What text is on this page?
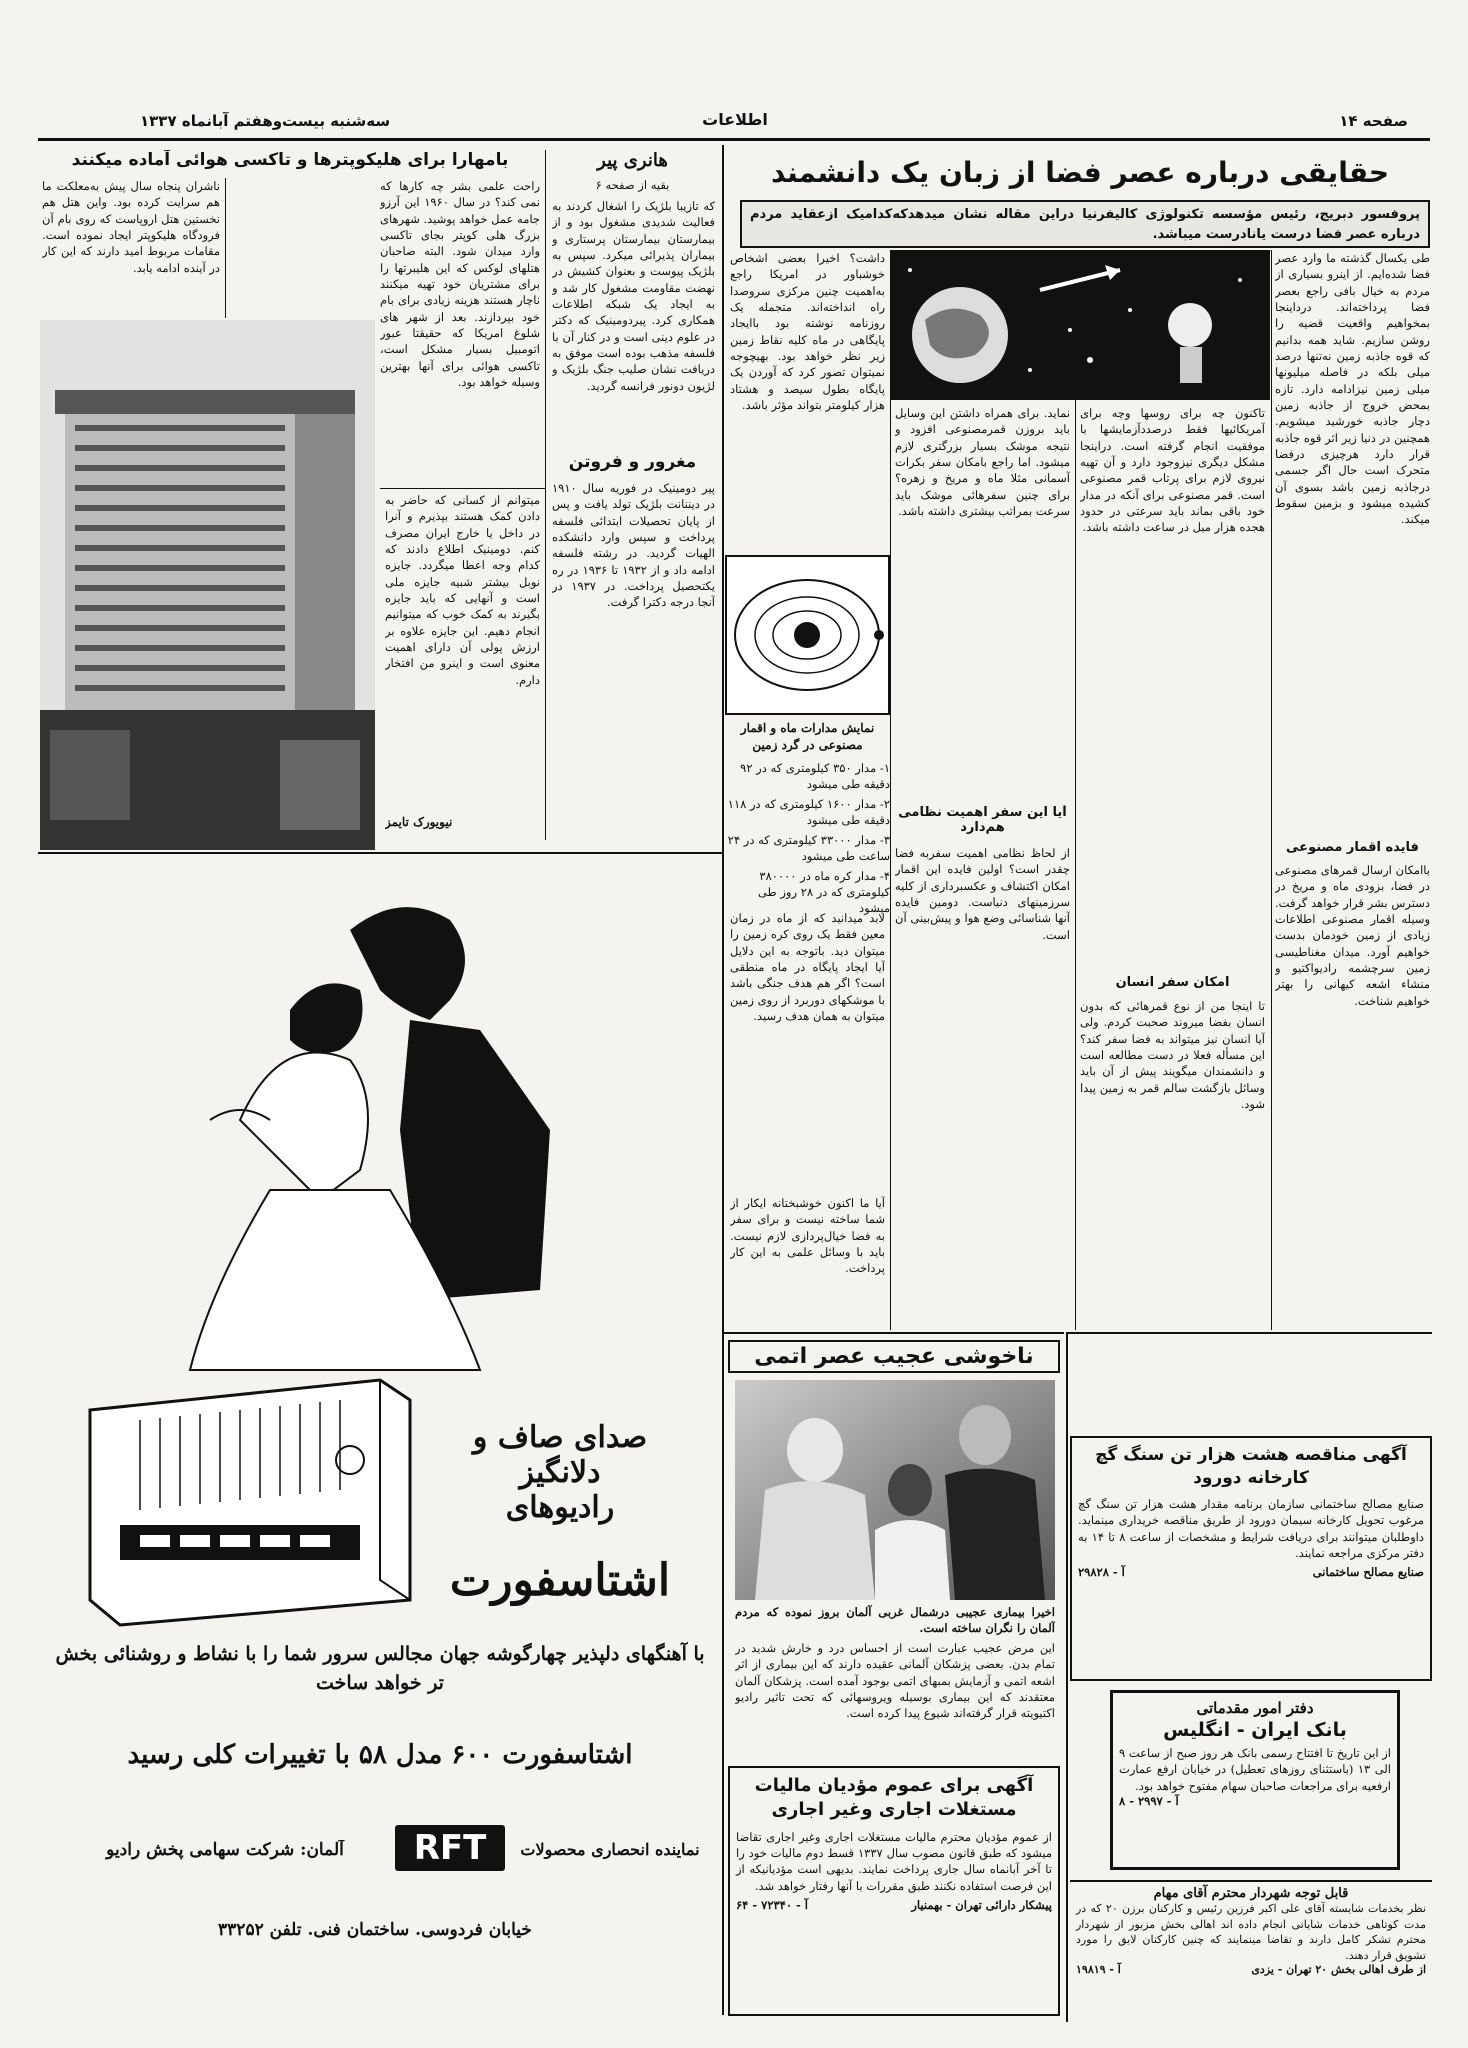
صفحه ۱۴
اطلاعات
سه‌شنبه بیست‌وهفتم آبانماه ۱۳۳۷
حقایقی درباره عصر فضا از زبان یک دانشمند
پروفسور دبریج، رئیس مؤسسه تکنولوژی کالیفرنیا دراین مقاله نشان میدهدکه‌کدامیک ازعقاید مردم درباره عصر فضا درست یانادرست میباشد.
طی یکسال گذشته ما وارد عصر فضا شده‌ایم. از اینرو بسیاری از مردم به خیال بافی راجع بعصر فضا پرداخته‌اند. درداینجا بمخواهیم واقعیت قضیه را روشن سازیم. شاید همه بدانیم که قوه جاذبه زمین نه‌تنها درصد میلی بلکه در فاصله میلیونها میلی زمین نیزادامه دارد. تازه بمحض خروج از جاذبه زمین دچار جاذبه خورشید میشویم. همچنین در دنیا زیر اثر قوه جاذبه قرار دارد هرچیزی درفضا متحرک است حال اگر جسمی درجاذبه زمین باشد بسوی آن کشیده میشود و بزمین سقوط میکند.
فایده اقمار مصنوعی
باامکان ارسال قمرهای مصنوعی در فضا، بزودی ماه و مریخ در دسترس بشر قرار خواهد گرفت. وسیله اقمار مصنوعی اطلاعات زیادی از زمین خودمان بدست خواهیم آورد. میدان مغناطیسی زمین سرچشمه رادیواکتیو و منشاء اشعه کیهانی را بهتر خواهیم شناخت.
تاکنون چه برای روسها وچه برای آمریکائیها فقط درصددآزمایشها با موفقیت انجام گرفته است. دراینجا مشکل دیگری نیزوجود دارد و آن تهیه نیروی لازم برای پرتاب قمر مصنوعی است. قمر مصنوعی برای آنکه در مدار خود باقی بماند باید سرعتی در حدود هجده هزار میل در ساعت داشته باشد.
امکان سفر انسان
تا اینجا من از نوع قمرهائی که بدون انسان بفضا میروند صحبت کردم. ولی آیا انسان نیز میتواند به فضا سفر کند؟ این مسأله فعلا در دست مطالعه است و دانشمندان میگویند پیش از آن باید وسائل بازگشت سالم قمر به زمین پیدا شود.
نماید. برای همراه داشتن این وسایل باید بروزن قمرمصنوعی افزود و نتیجه موشک بسیار بزرگتری لازم میشود. اما راجع بامکان سفر بکرات آسمانی مثلا ماه و مریخ و زهره؟ برای چنین سفرهائی موشک باید سرعت بمراتب بیشتری داشته باشد.
آیا این سفر اهمیت نظامی هم‌دارد
از لحاظ نظامی اهمیت سفربه فضا چقدر است؟ اولین فایده این اقمار امکان اکتشاف و عکسبرداری از کلیه سرزمینهای دنیاست. دومین فایده آنها شناسائی وضع هوا و پیش‌بینی آن است.
داشت؟ اخیرا بعضی اشخاص خوشباور در امریکا راجع به‌اهمیت چنین مرکزی سروصدا راه انداخته‌اند. متجمله یک روزنامه نوشته بود باایجاد پایگاهی در ماه کلیه نقاط زمین زیر نظر خواهد بود. بهیچوجه نمیتوان تصور کرد که آوردن یک پایگاه بطول سیصد و هشتاد هزار کیلومتر بتواند مؤثر باشد.
نمایش مدارات ماه و اقمار مصنوعی در گرد زمین
۱- مدار ۳۵۰ کیلومتری که در ۹۲ دقیقه طی میشود
۲- مدار ۱۶۰۰ کیلومتری که در ۱۱۸ دقیقه طی میشود
۳- مدار ۳۳۰۰۰ کیلومتری که در ۲۴ ساعت طی میشود
۴- مدار کره ماه در ۳۸۰۰۰۰ کیلومتری که در ۲۸ روز طی میشود
لابد میدانید که از ماه در زمان معین فقط یک روی کره زمین را میتوان دید. باتوجه به این دلایل آیا ایجاد پایگاه در ماه منطقی است؟ اگر هم هدف جنگی باشد با موشکهای دوربرد از روی زمین میتوان به همان هدف رسید.
آیا ما اکنون خوشبختانه ایکار از شما ساخته نیست و برای سفر به فضا خیال‌پردازی لازم نیست. باید با وسائل علمی به این کار پرداخت.
هانری پیر
بقیه از صفحه ۶
که تازیبا بلژیک را اشغال کردند به فعالیت شدیدی مشغول بود و از بیمارستان بیمارستان پرستاری و بیماران پذیرائی میکرد. سپس به بلژیک پیوست و بعنوان کشیش در نهضت مقاومت مشغول کار شد و به ایجاد یک شبکه اطلاعات همکاری کرد. پیردومینیک که دکتر در علوم دینی است و در کنار آن با فلسفه مذهب بوده است موفق به دریافت نشان صلیب جنگ بلژیک و لژیون دونور فرانسه گردید.
مغرور و فروتن
پیر دومینیک در فوریه سال ۱۹۱۰ در دیننانت بلژیک تولد یافت و پس از پایان تحصیلات ابتدائی فلسفه پرداخت و سپس وارد دانشکده الهیات گردید. در رشته فلسفه ادامه داد و از ۱۹۳۲ تا ۱۹۳۶ در ره یکتحصیل پرداخت. در ۱۹۳۷ در آنجا درجه دکترا گرفت.
میتوانم از کسانی که حاضر به دادن کمک هستند بپذیرم و آنرا در داخل یا خارج ایران مصرف کنم. دومینیک اطلاع دادند که کدام وجه اعطا میگردد. جایزه نوبل بیشتر شبیه جایزه ملی است و آنهایی که باید جایزه بگیرند به کمک خوب که میتوانیم انجام دهیم. این جایزه علاوه بر ارزش پولی آن دارای اهمیت معنوی است و اینرو من افتخار دارم.
نیویورک تایمز
بامهارا برای هلیکوپترها و تاکسی هوائی آماده میکنند
ناشران پنجاه سال پیش به‌معلکت ما هم سرایت کرده بود. واین هتل هم نخستین هتل اروپاست که روی بام آن فرودگاه هلیکوپتر ایجاد نموده است. مقامات مربوط امید دارند که این کار در آینده ادامه یابد.
راحت علمی بشر چه کارها که نمی کند؟ در سال ۱۹۶۰ این آرزو جامه عمل خواهد پوشید. شهرهای بزرگ هلی کوپتر بجای تاکسی وارد میدان شود. البته صاحبان هتلهای لوکس که این هلیبرتها را برای مشتریان خود تهیه میکنند ناچار هستند هزینه زیادی برای بام خود بپردازند. بعد از شهر های شلوغ امریکا که حقیقتا عبور اتومبیل بسیار مشکل است، تاکسی هوائی برای آنها بهترین وسیله خواهد بود.
صدای صاف و دلانگیز
رادیوهای
اشتاسفورت
با آهنگهای دلپذیر چهارگوشه جهان مجالس سرور شما را با نشاط و روشنائی بخش تر خواهد ساخت
اشتاسفورت ۶۰۰ مدل ۵۸ با تغییرات کلی رسید
نماینده انحصاری محصولات
RFT
آلمان: شرکت سهامی پخش رادیو
خیابان فردوسی. ساختمان فنی. تلفن ۳۳۲۵۲
ناخوشی عجیب عصر اتمی
اخیرا بیماری عجیبی درشمال غربی آلمان بروز نموده که مردم آلمان را نگران ساخته است.
این مرض عجیب عبارت است از احساس درد و خارش شدید در تمام بدن. بعضی پزشکان آلمانی عقیده دارند که این بیماری از اثر اشعه اتمی و آزمایش بمبهای اتمی بوجود آمده است. پزشکان آلمان معتقدند که این بیماری بوسیله ویروسهائی که تحت تاثیر رادیو اکتیویته قرار گرفته‌اند شیوع پیدا کرده است.
آگهی برای عموم مؤدیان مالیات مستغلات اجاری وغیر اجاری
از عموم مؤدیان محترم مالیات مستغلات اجاری وغیر اجاری تقاضا میشود که طبق قانون مصوب سال ۱۳۳۷ قسط دوم مالیات خود را تا آخر آبانماه سال جاری پرداخت نمایند. بدیهی است مؤدیانیکه از این فرصت استفاده نکنند طبق مقررات با آنها رفتار خواهد شد.
پیشکار دارائی تهران - بهمنیار
آ - ۷۲۳۴۰ - ۶۴
آگهی مناقصه هشت هزار تن سنگ گچ کارخانه دورود
صنایع مصالح ساختمانی سازمان برنامه مقدار هشت هزار تن سنگ گچ مرغوب تحویل کارخانه سیمان دورود از طریق مناقصه خریداری مینماید. داوطلبان میتوانند برای دریافت شرایط و مشخصات از ساعت ۸ تا ۱۴ به دفتر مرکزی مراجعه نمایند.
صنایع مصالح ساختمانی
آ - ۲۹۸۲۸
دفتر امور مقدماتی
بانک ایران - انگلیس
از این تاریخ تا افتتاح رسمی بانک هر روز صبح از ساعت ۹ الی ۱۳ (باستثنای روزهای تعطیل) در خیابان ارفع عمارت ارفعیه برای مراجعات صاحبان سهام مفتوح خواهد بود.
آ - ۲۹۹۷ - ۸
قابل توجه شهردار محترم آقای مهام
نظر بخدمات شایسته آقای علی اکبر فرزین رئیس و کارکنان برزن ۲۰ که در مدت کوتاهی خدمات شایانی انجام داده اند اهالی بخش مزبور از شهردار محترم تشکر کامل دارند و تقاضا مینمایند که چنین کارکنان لایق را مورد تشویق قرار دهند.
از طرف اهالی بخش ۲۰ تهران - یزدی
آ - ۱۹۸۱۹
